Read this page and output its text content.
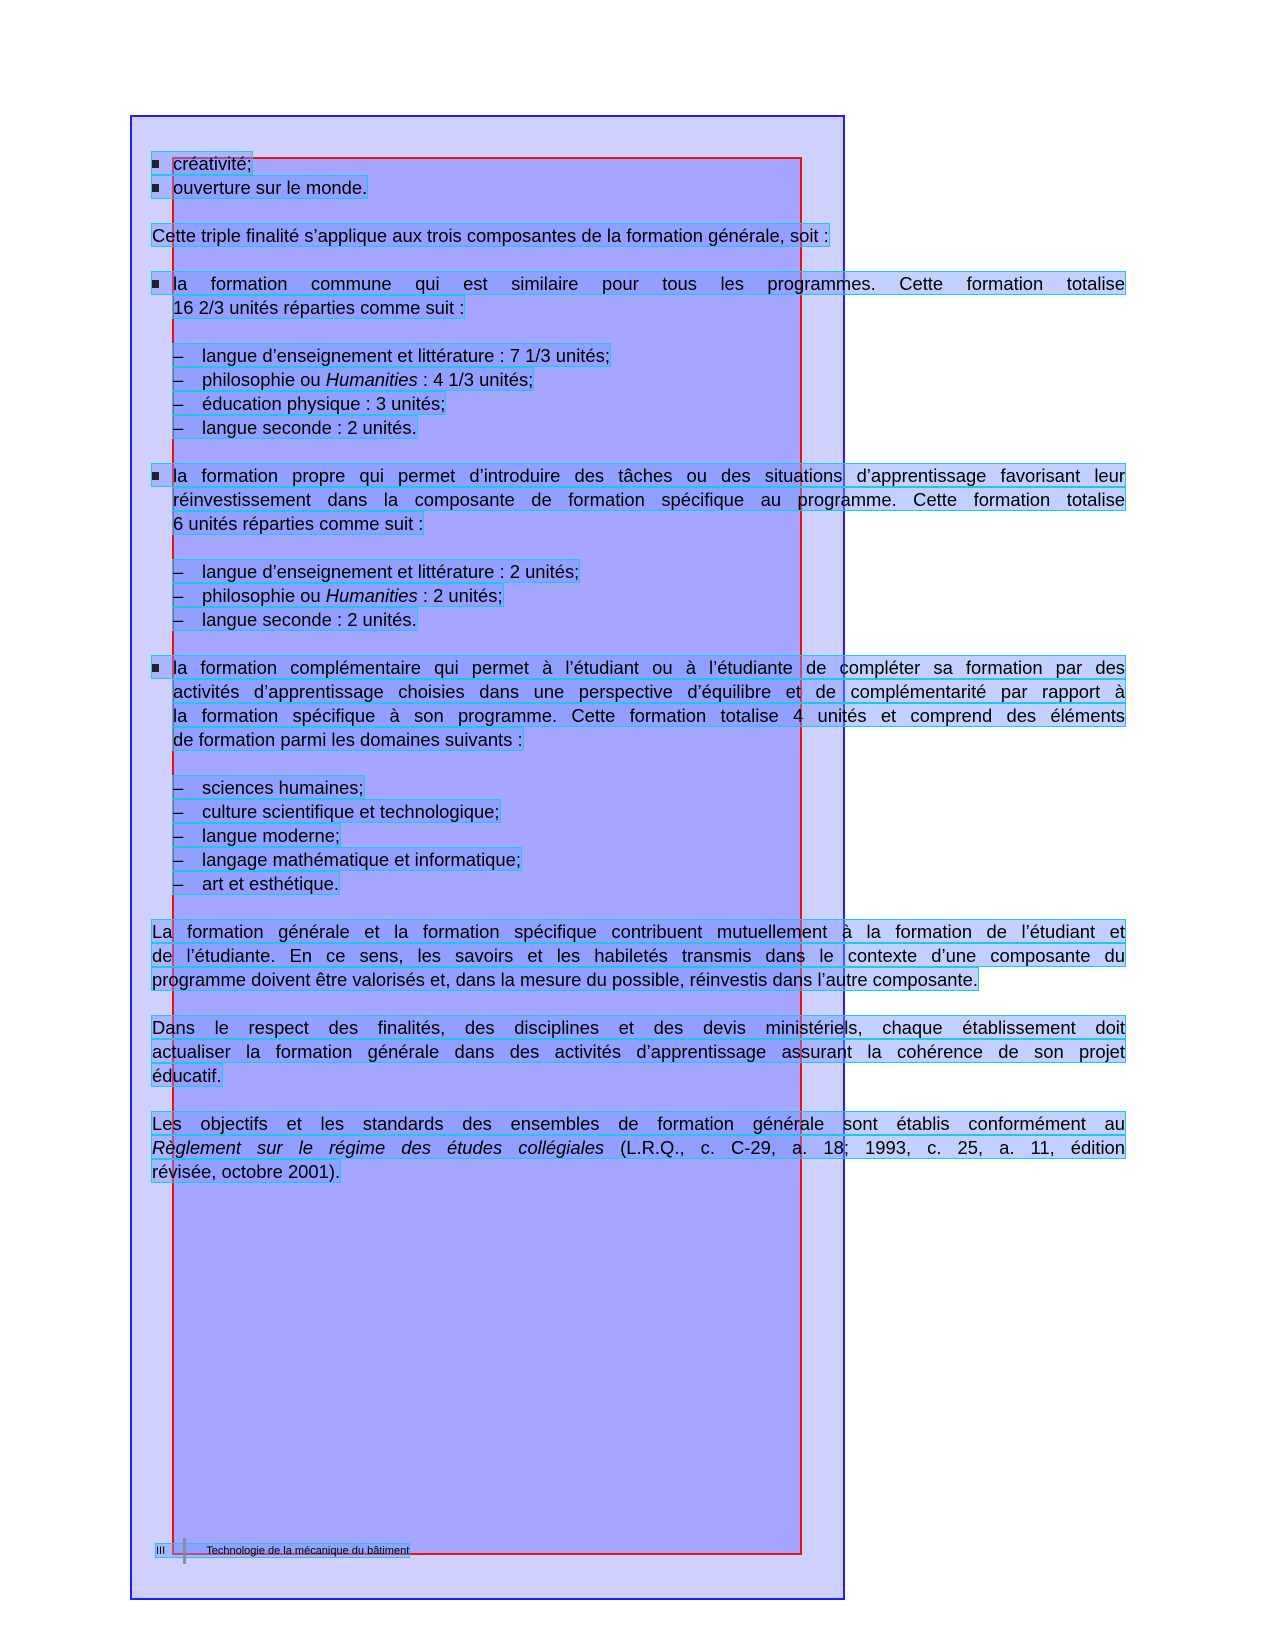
créativité;
ouverture sur le monde.
Cette triple finalité s’applique aux trois composantes de la formation générale, soit :
la formation commune qui est similaire pour tous les programmes. Cette formation totalise
16 2/3 unités réparties comme suit :
– langue d’enseignement et littérature : 7 1/3 unités;
– philosophie ou Humanities : 4 1/3 unités;
– éducation physique : 3 unités;
– langue seconde : 2 unités.
la formation propre qui permet d’introduire des tâches ou des situations d’apprentissage favorisant leur
réinvestissement dans la composante de formation spécifique au programme. Cette formation totalise
6 unités réparties comme suit :
– langue d’enseignement et littérature : 2 unités;
– philosophie ou Humanities : 2 unités;
– langue seconde : 2 unités.
la formation complémentaire qui permet à l’étudiant ou à l’étudiante de compléter sa formation par des
activités d’apprentissage choisies dans une perspective d’équilibre et de complémentarité par rapport à
la formation spécifique à son programme. Cette formation totalise 4 unités et comprend des éléments
de formation parmi les domaines suivants :
– sciences humaines;
– culture scientifique et technologique;
– langue moderne;
– langage mathématique et informatique;
– art et esthétique.
La formation générale et la formation spécifique contribuent mutuellement à la formation de l’étudiant et
de l’étudiante. En ce sens, les savoirs et les habiletés transmis dans le contexte d’une composante du
programme doivent être valorisés et, dans la mesure du possible, réinvestis dans l’autre composante.
Dans le respect des finalités, des disciplines et des devis ministériels, chaque établissement doit
actualiser la formation générale dans des activités d’apprentissage assurant la cohérence de son projet
éducatif.
Les objectifs et les standards des ensembles de formation générale sont établis conformément au
Règlement sur le régime des études collégiales (L.R.Q., c. C-29, a. 18; 1993, c. 25, a. 11, édition
révisée, octobre 2001).
III	Technologie de la mécanique du bâtiment
